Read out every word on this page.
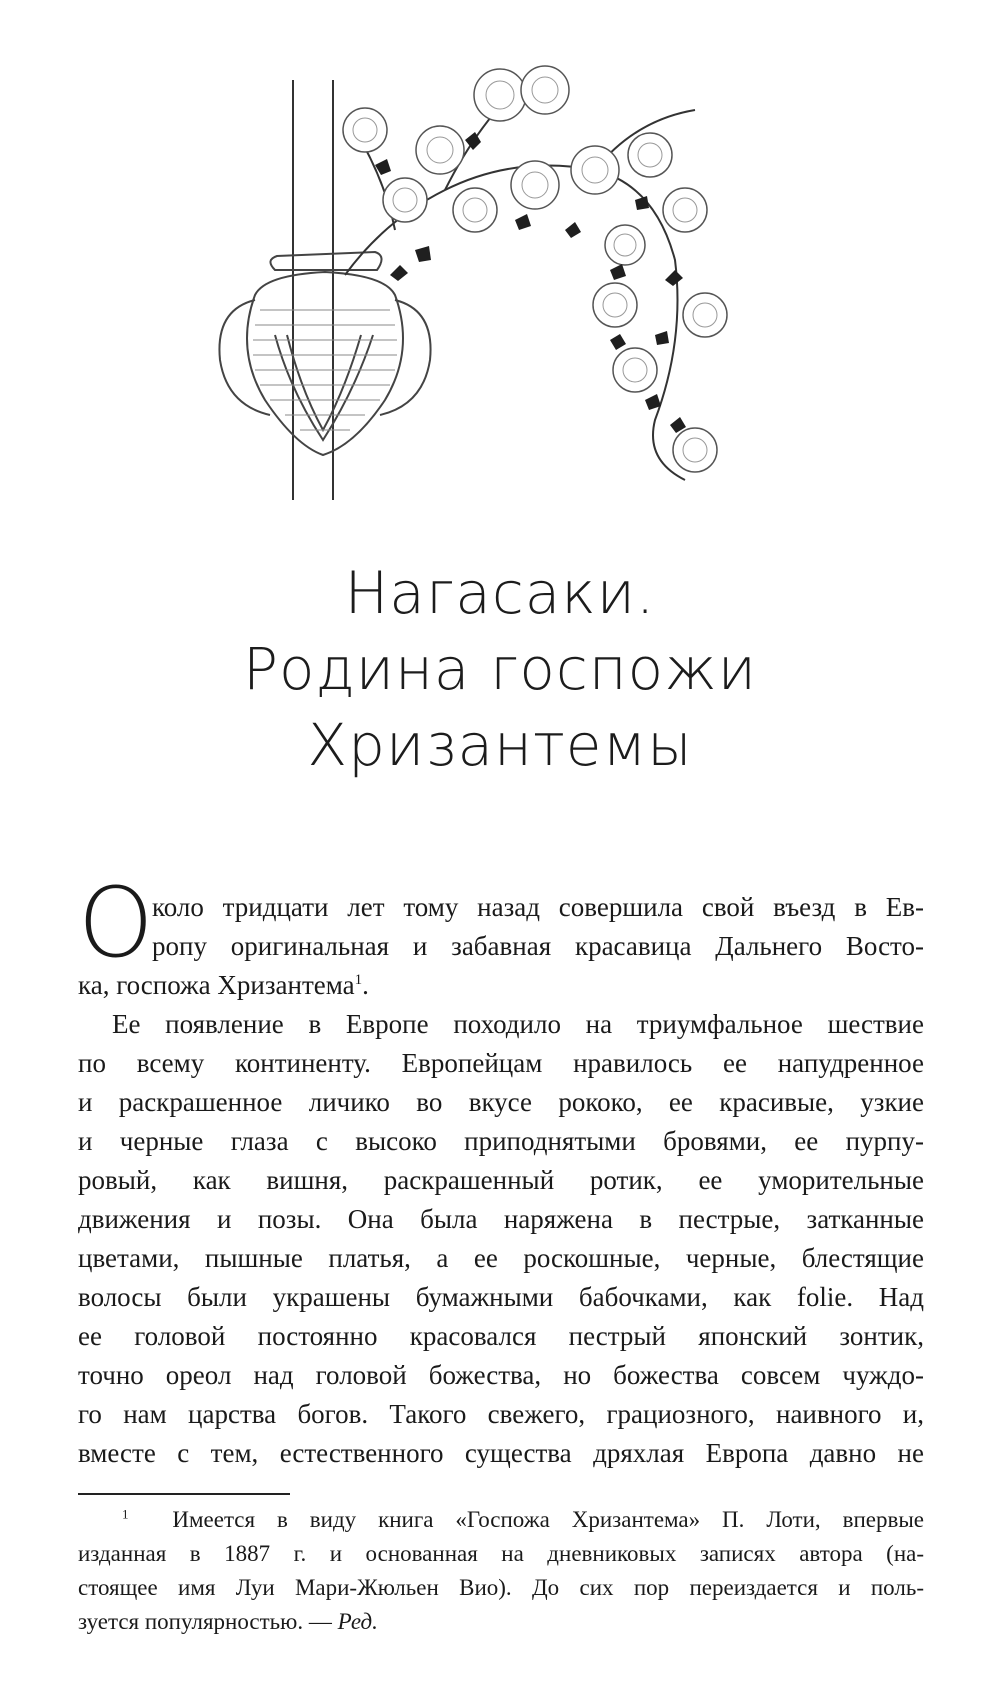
Нагасаки.
Родина госпожи
Хризантемы
О

коло тридцати лет тому назад совершила свой въезд в Ев-
ропу оригинальная и забавная красавица Дальнего Восто-
ка, госпожа Хризантема$^1$.

Ее появление в Европе походило на триумфальное шествие
по всему континенту. Европейцам нравилось ее напудренное
и раскрашенное личико во вкусе рококо, ее красивые, узкие
и черные глаза с высоко приподнятыми бровями, ее пурпу-
ровый, как вишня, раскрашенный ротик, ее уморительные
движения и позы. Она была наряжена в пестрые, затканные
цветами, пышные платья, а ее роскошные, черные, блестящие
волосы были украшены бумажными бабочками, как folie. Над
ее головой постоянно красовался пестрый японский зонтик,
точно ореол над головой божества, но божества совсем чуждо-
го нам царства богов. Такого свежего, грациозного, наивного и,
вместе с тем, естественного существа дряхлая Европа давно не

$^1$ Имеется в виду книга «Госпожа Хризантема» П. Лоти, впервые
изданная в 1887 г. и основанная на дневниковых записях автора (на-
стоящее имя Луи Мари-Жюльен Вио). До сих пор переиздается и поль-
зуется популярностью. — Ред.
